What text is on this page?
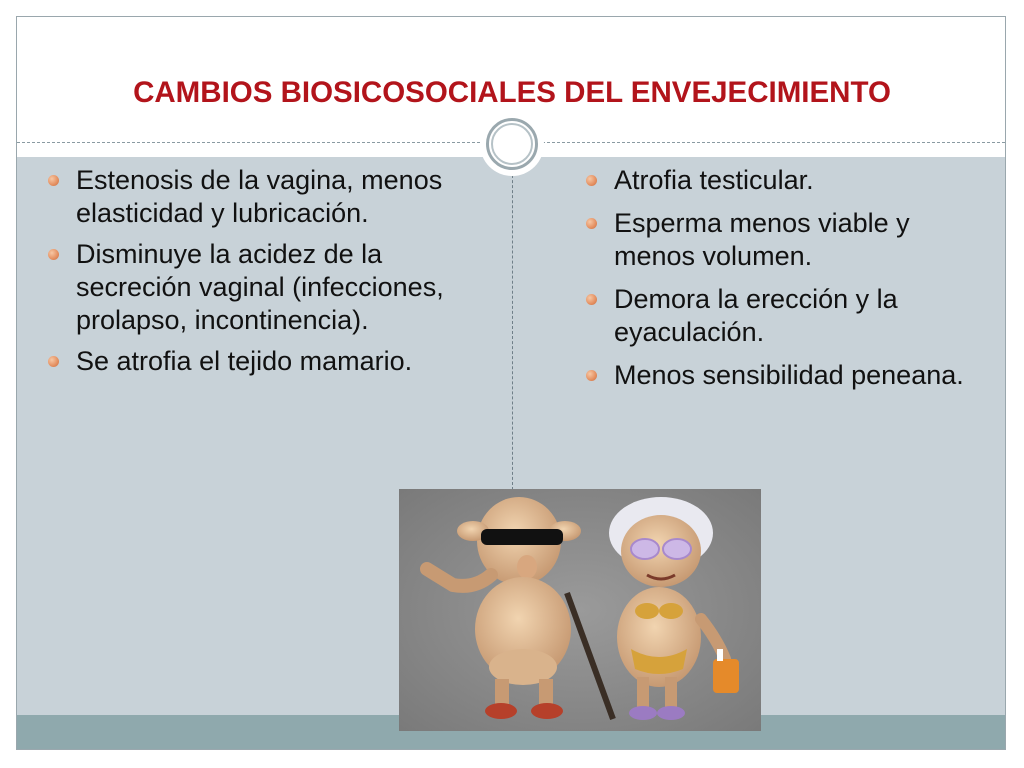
CAMBIOS BIOSICOSOCIALES DEL ENVEJECIMIENTO
Estenosis de la vagina, menos elasticidad y lubricación.
Disminuye la acidez de la secreción vaginal (infecciones, prolapso, incontinencia).
Se atrofia el tejido mamario.
Atrofia testicular.
Esperma menos viable y menos volumen.
Demora la erección y la eyaculación.
Menos sensibilidad peneana.
